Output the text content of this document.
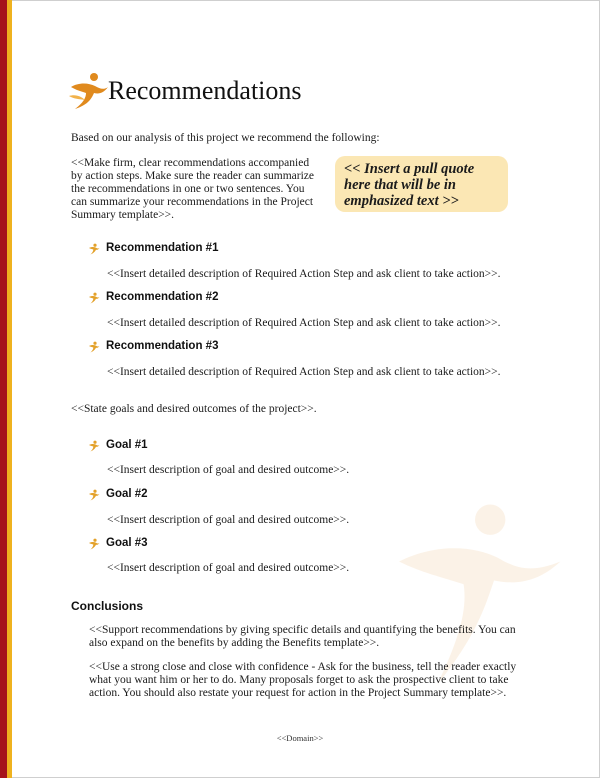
Recommendations

Based on our analysis of this project we recommend the following:

<<Make firm, clear recommendations accompanied by action steps. Make sure the reader can summarize the recommendations in one or two sentences. You can summarize your recommendations in the Project Summary template>>.

<< Insert a pull quote here that will be in emphasized text >>
Recommendation #1

<<Insert detailed description of Required Action Step and ask client to take action>>.

Recommendation #2

<<Insert detailed description of Required Action Step and ask client to take action>>.

Recommendation #3

<<Insert detailed description of Required Action Step and ask client to take action>>.

<<State goals and desired outcomes of the project>>.

Goal #1

<<Insert description of goal and desired outcome>>.

Goal #2

<<Insert description of goal and desired outcome>>.

Goal #3

<<Insert description of goal and desired outcome>>.

Conclusions

<<Support recommendations by giving specific details and quantifying the benefits. You can also expand on the benefits by adding the Benefits template>>.

<<Use a strong close and close with confidence - Ask for the business, tell the reader exactly what you want him or her to do. Many proposals forget to ask the prospective client to take action. You should also restate your request for action in the Project Summary template>>.

<<Domain>>
